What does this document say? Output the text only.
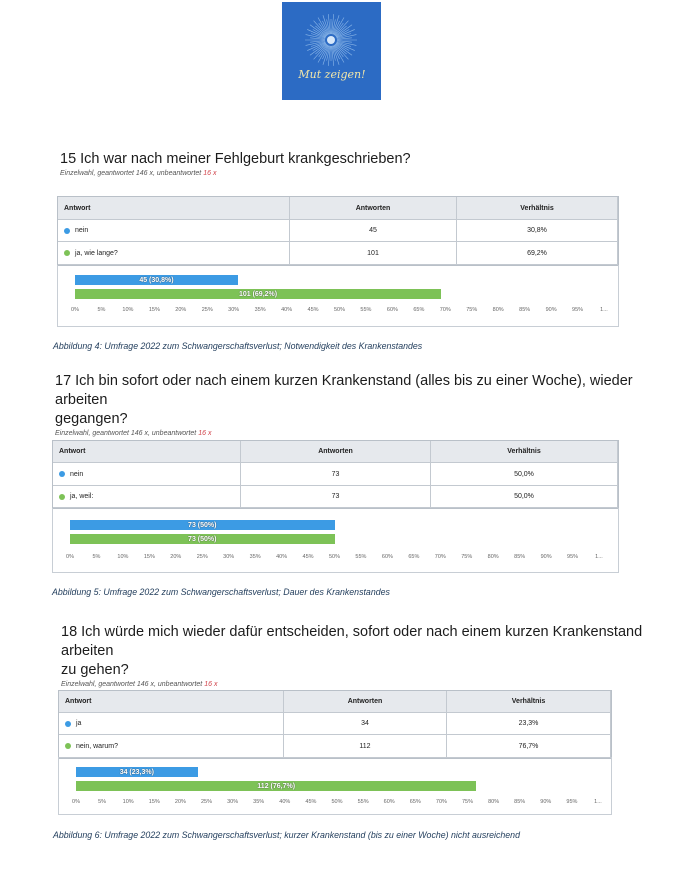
Mut zeigen!
15 Ich war nach meiner Fehlgeburt krankgeschrieben?
Einzelwahl, geantwortet 146 x, unbeantwortet 16 x
Antwort	Antworten	Verhältnis
nein	45	30,8%
ja, wie lange?	101	69,2%
45 (30,8%)
101 (69,2%)
0%	5%	10%	15%	20%	25%	30%	35%	40%	45%	50%	55%	60%	65%	70%	75%	80%	85%	90%	95%	1...
Abbildung 4: Umfrage 2022 zum Schwangerschaftsverlust; Notwendigkeit des Krankenstandes
17 Ich bin sofort oder nach einem kurzen Krankenstand (alles bis zu einer Woche), wieder arbeiten
gegangen?
Einzelwahl, geantwortet 146 x, unbeantwortet 16 x
Antwort	Antworten	Verhältnis
nein	73	50,0%
ja, weil:	73	50,0%
73 (50%)
73 (50%)
0%	5%	10%	15%	20%	25%	30%	35%	40%	45%	50%	55%	60%	65%	70%	75%	80%	85%	90%	95%	1...
Abbildung 5: Umfrage 2022 zum Schwangerschaftsverlust; Dauer des Krankenstandes
18 Ich würde mich wieder dafür entscheiden, sofort oder nach einem kurzen Krankenstand arbeiten
zu gehen?
Einzelwahl, geantwortet 146 x, unbeantwortet 16 x
Antwort	Antworten	Verhältnis
ja	34	23,3%
nein, warum?	112	76,7%
34 (23,3%)
112 (76,7%)
0%	5%	10%	15%	20%	25%	30%	35%	40%	45%	50%	55%	60%	65%	70%	75%	80%	85%	90%	95%	1...
Abbildung 6: Umfrage 2022 zum Schwangerschaftsverlust; kurzer Krankenstand (bis zu einer Woche) nicht ausreichend
